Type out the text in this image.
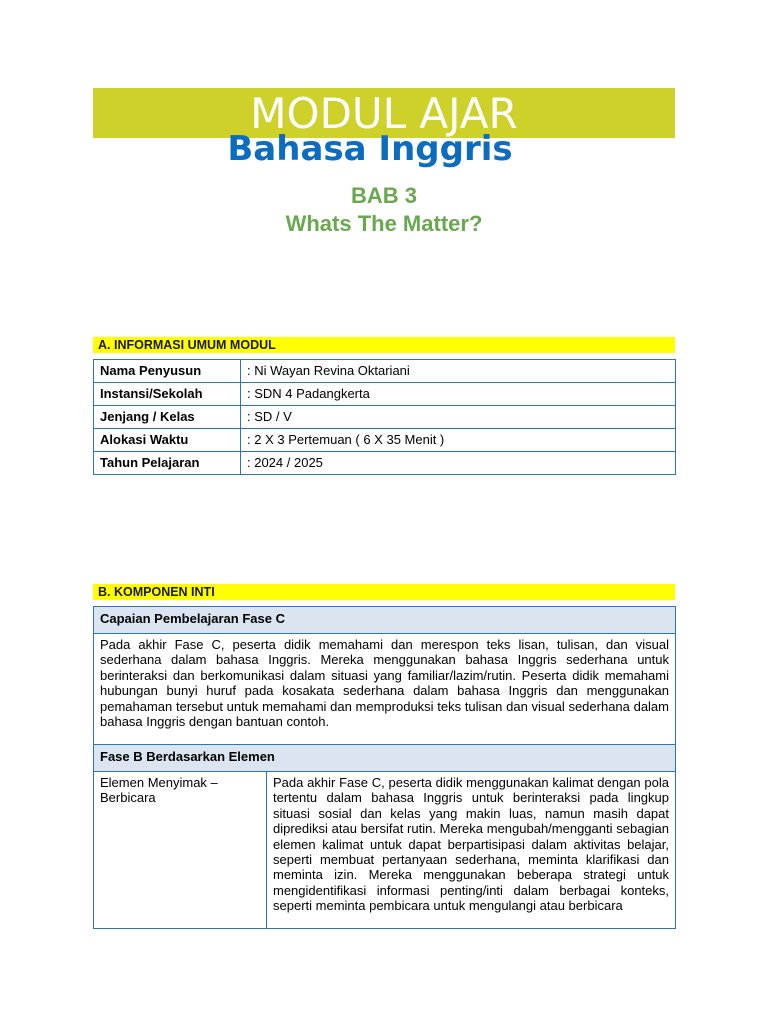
MODUL AJAR
Bahasa Inggris
BAB 3
Whats The Matter?
A. INFORMASI UMUM MODUL
Nama Penyusun	: Ni Wayan Revina Oktariani
Instansi/Sekolah	: SDN 4 Padangkerta
Jenjang / Kelas	: SD / V
Alokasi Waktu	: 2 X 3 Pertemuan ( 6 X 35 Menit )
Tahun Pelajaran	: 2024 / 2025
B. KOMPONEN INTI
Capaian Pembelajaran Fase C
Pada akhir Fase C, peserta didik memahami dan merespon teks lisan, tulisan, dan visual sederhana dalam bahasa Inggris. Mereka menggunakan bahasa Inggris sederhana untuk berinteraksi dan berkomunikasi dalam situasi yang familiar/lazim/rutin. Peserta didik memahami hubungan bunyi huruf pada kosakata sederhana dalam bahasa Inggris dan menggunakan pemahaman tersebut untuk memahami dan memproduksi teks tulisan dan visual sederhana dalam bahasa Inggris dengan bantuan contoh.
Fase B Berdasarkan Elemen
Elemen Menyimak – Berbicara	Pada akhir Fase C, peserta didik menggunakan kalimat dengan pola tertentu dalam bahasa Inggris untuk berinteraksi pada lingkup situasi sosial dan kelas yang makin luas, namun masih dapat diprediksi atau bersifat rutin. Mereka mengubah/mengganti sebagian elemen kalimat untuk dapat berpartisipasi dalam aktivitas belajar, seperti membuat pertanyaan sederhana, meminta klarifikasi dan meminta izin. Mereka menggunakan beberapa strategi untuk mengidentifikasi informasi penting/inti dalam berbagai konteks, seperti meminta pembicara untuk mengulangi atau berbicara
